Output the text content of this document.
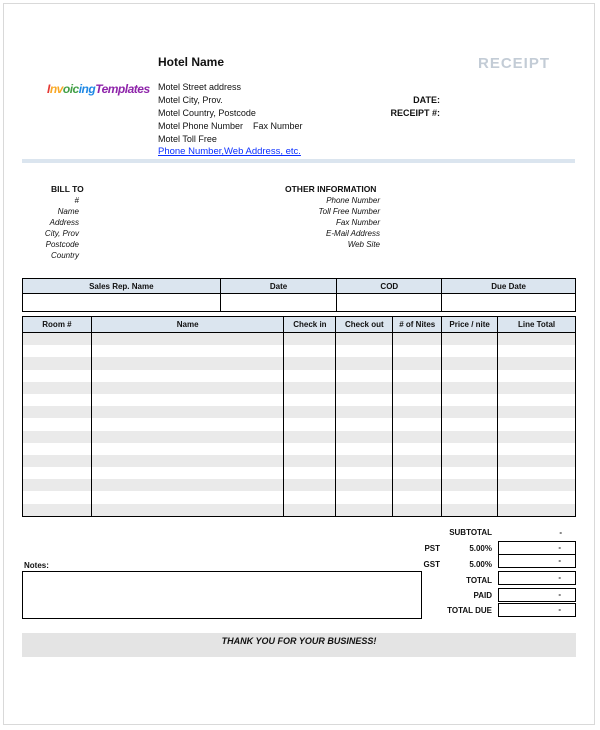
InvoicingTemplates
Hotel Name	RECEIPT
Motel Street address
Motel City, Prov.
Motel Country, Postcode
Motel Phone Number    Fax Number
Motel Toll Free
Phone Number,Web Address, etc.
DATE:
RECEIPT #:
BILL TO
#
Name
Address
City, Prov
Postcode
Country
OTHER INFORMATION
Phone Number
Toll Free Number
Fax Number
E-Mail Address
Web Site
Sales Rep. Name	Date	COD	Due Date

Room #	Name	Check in	Check out	# of Nites	Price / nite	Line Total

SUBTOTAL	-
PST	5.00%	-
GST	5.00%	-
TOTAL	-
PAID	-
TOTAL DUE	-
Notes:
THANK YOU FOR YOUR BUSINESS!
